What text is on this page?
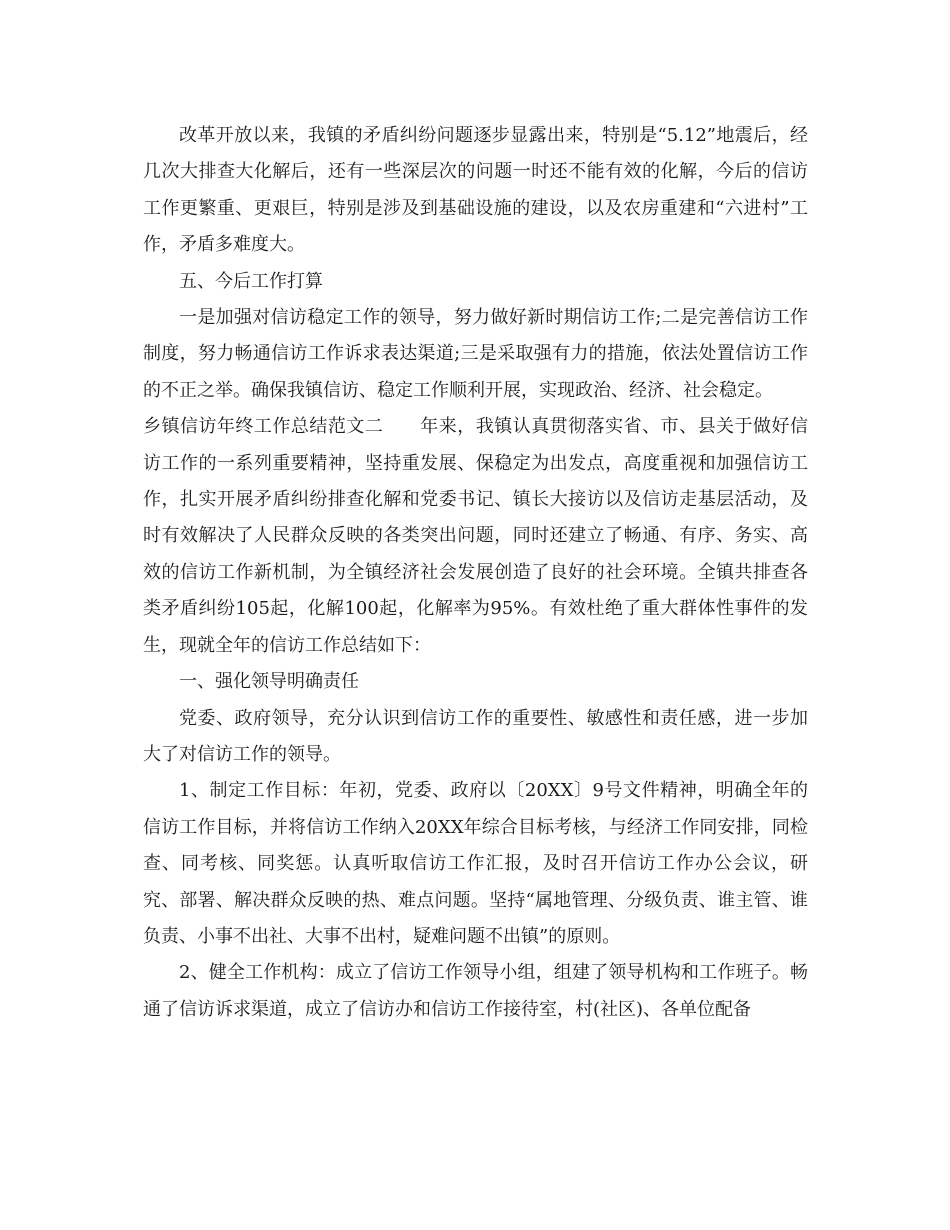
改革开放以来，我镇的矛盾纠纷问题逐步显露出来，特别是“5.12”地震后，经几次大排查大化解后，还有一些深层次的问题一时还不能有效的化解，今后的信访工作更繁重、更艰巨，特别是涉及到基础设施的建设，以及农房重建和“六进村”工作，矛盾多难度大。

五、今后工作打算

一是加强对信访稳定工作的领导，努力做好新时期信访工作;二是完善信访工作制度，努力畅通信访工作诉求表达渠道;三是采取强有力的措施，依法处置信访工作的不正之举。确保我镇信访、稳定工作顺利开展，实现政治、经济、社会稳定。

乡镇信访年终工作总结范文二　　年来，我镇认真贯彻落实省、市、县关于做好信访工作的一系列重要精神，坚持重发展、保稳定为出发点，高度重视和加强信访工作，扎实开展矛盾纠纷排查化解和党委书记、镇长大接访以及信访走基层活动，及时有效解决了人民群众反映的各类突出问题，同时还建立了畅通、有序、务实、高效的信访工作新机制，为全镇经济社会发展创造了良好的社会环境。全镇共排查各类矛盾纠纷105起，化解100起，化解率为95%。有效杜绝了重大群体性事件的发生，现就全年的信访工作总结如下：

一、强化领导明确责任

党委、政府领导，充分认识到信访工作的重要性、敏感性和责任感，进一步加大了对信访工作的领导。

1、制定工作目标：年初，党委、政府以〔20XX〕9号文件精神，明确全年的信访工作目标，并将信访工作纳入20XX年综合目标考核，与经济工作同安排，同检查、同考核、同奖惩。认真听取信访工作汇报，及时召开信访工作办公会议，研究、部署、解决群众反映的热、难点问题。坚持“属地管理、分级负责、谁主管、谁负责、小事不出社、大事不出村，疑难问题不出镇”的原则。

2、健全工作机构：成立了信访工作领导小组，组建了领导机构和工作班子。畅通了信访诉求渠道，成立了信访办和信访工作接待室，村(社区)、各单位配备
